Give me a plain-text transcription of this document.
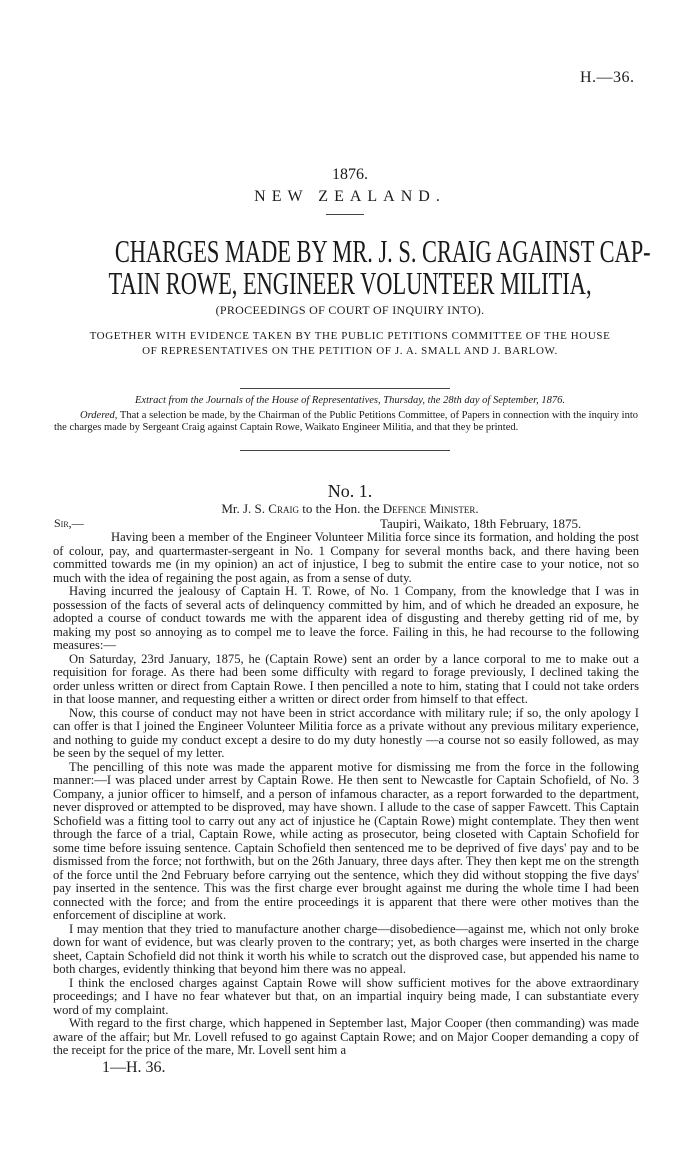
H.—36.
1876.
NEW ZEALAND.
CHARGES MADE BY MR. J. S. CRAIG AGAINST CAP-
TAIN ROWE, ENGINEER VOLUNTEER MILITIA,
(PROCEEDINGS OF COURT OF INQUIRY INTO).
TOGETHER WITH EVIDENCE TAKEN BY THE PUBLIC PETITIONS COMMITTEE OF THE HOUSE
OF REPRESENTATIVES ON THE PETITION OF J. A. SMALL AND J. BARLOW.
Extract from the Journals of the House of Representatives, Thursday, the 28th day of September, 1876.
Ordered, That a selection be made, by the Chairman of the Public Petitions Committee, of Papers in connection with the inquiry into the charges made by Sergeant Craig against Captain Rowe, Waikato Engineer Militia, and that they be printed.
No. 1.
Mr. J. S. Craig to the Hon. the Defence Minister.
Sir,—	Taupiri, Waikato, 18th February, 1875.

Having been a member of the Engineer Volunteer Militia force since its formation, and holding the post of colour, pay, and quartermaster-sergeant in No. 1 Company for several months back, and there having been committed towards me (in my opinion) an act of injustice, I beg to submit the entire case to your notice, not so much with the idea of regaining the post again, as from a sense of duty.

Having incurred the jealousy of Captain H. T. Rowe, of No. 1 Company, from the knowledge that I was in possession of the facts of several acts of delinquency committed by him, and of which he dreaded an exposure, he adopted a course of conduct towards me with the apparent idea of disgusting and thereby getting rid of me, by making my post so annoying as to compel me to leave the force. Failing in this, he had recourse to the following measures:—

On Saturday, 23rd January, 1875, he (Captain Rowe) sent an order by a lance corporal to me to make out a requisition for forage. As there had been some difficulty with regard to forage previously, I declined taking the order unless written or direct from Captain Rowe. I then pencilled a note to him, stating that I could not take orders in that loose manner, and requesting either a written or direct order from himself to that effect.

Now, this course of conduct may not have been in strict accordance with military rule; if so, the only apology I can offer is that I joined the Engineer Volunteer Militia force as a private without any previous military experience, and nothing to guide my conduct except a desire to do my duty honestly —a course not so easily followed, as may be seen by the sequel of my letter.

The pencilling of this note was made the apparent motive for dismissing me from the force in the following manner:—I was placed under arrest by Captain Rowe. He then sent to Newcastle for Captain Schofield, of No. 3 Company, a junior officer to himself, and a person of infamous character, as a report forwarded to the department, never disproved or attempted to be disproved, may have shown. I allude to the case of sapper Fawcett. This Captain Schofield was a fitting tool to carry out any act of injustice he (Captain Rowe) might contemplate. They then went through the farce of a trial, Captain Rowe, while acting as prosecutor, being closeted with Captain Schofield for some time before issuing sentence. Captain Schofield then sentenced me to be deprived of five days' pay and to be dismissed from the force; not forthwith, but on the 26th January, three days after. They then kept me on the strength of the force until the 2nd February before carrying out the sentence, which they did without stopping the five days' pay inserted in the sentence. This was the first charge ever brought against me during the whole time I had been connected with the force; and from the entire proceedings it is apparent that there were other motives than the enforcement of discipline at work.

I may mention that they tried to manufacture another charge—disobedience—against me, which not only broke down for want of evidence, but was clearly proven to the contrary; yet, as both charges were inserted in the charge sheet, Captain Schofield did not think it worth his while to scratch out the disproved case, but appended his name to both charges, evidently thinking that beyond him there was no appeal.

I think the enclosed charges against Captain Rowe will show sufficient motives for the above extraordinary proceedings; and I have no fear whatever but that, on an impartial inquiry being made, I can substantiate every word of my complaint.

With regard to the first charge, which happened in September last, Major Cooper (then commanding) was made aware of the affair; but Mr. Lovell refused to go against Captain Rowe; and on Major Cooper demanding a copy of the receipt for the price of the mare, Mr. Lovell sent him a

1—H. 36.
